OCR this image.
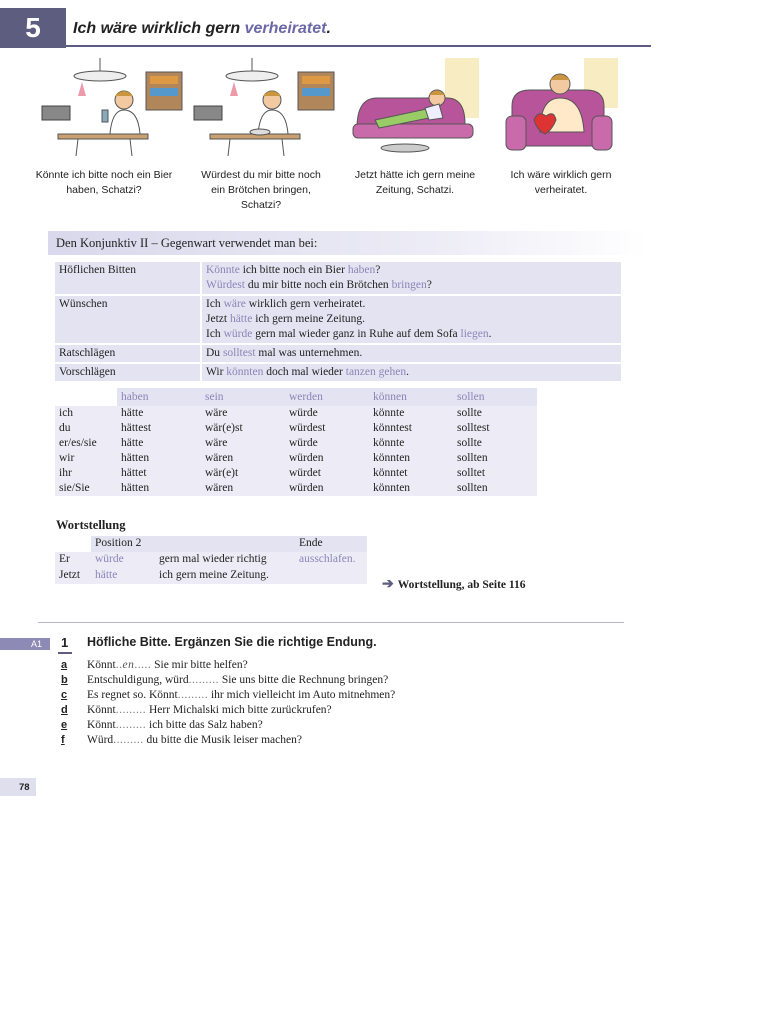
5 Ich wäre wirklich gern verheiratet.
Könnte ich bitte noch ein Bier haben, Schatzi?
Würdest du mir bitte noch ein Brötchen bringen, Schatzi?
Jetzt hätte ich gern meine Zeitung, Schatzi.
Ich wäre wirklich gern verheiratet.
Den Konjunktiv II – Gegenwart verwendet man bei:
Höflichen Bitten	Könnte ich bitte noch ein Bier haben?
Würdest du mir bitte noch ein Brötchen bringen?

Wünschen	Ich wäre wirklich gern verheiratet.
Jetzt hätte ich gern meine Zeitung.
Ich würde gern mal wieder ganz in Ruhe auf dem Sofa liegen.

Ratschlägen	Du solltest mal was unternehmen.

Vorschlägen	Wir könnten doch mal wieder tanzen gehen.
	haben	sein	werden	können	sollen
ich	hätte	wäre	würde	könnte	sollte
du	hättest	wär(e)st	würdest	könntest	solltest
er/es/sie	hätte	wäre	würde	könnte	sollte
wir	hätten	wären	würden	könnten	sollten
ihr	hättet	wär(e)t	würdet	könntet	solltet
sie/Sie	hätten	wären	würden	könnten	sollten
Wortstellung
	Position 2		Ende
Er	würde	gern mal wieder richtig	ausschlafen.
Jetzt	hätte	ich gern meine Zeitung.	
➔ Wortstellung, ab Seite 116
A1	1 Höfliche Bitte. Ergänzen Sie die richtige Endung.
a	Könnt..en..... Sie mir bitte helfen?
b	Entschuldigung, würd......... Sie uns bitte die Rechnung bringen?
c	Es regnet so. Könnt......... ihr mich vielleicht im Auto mitnehmen?
d	Könnt......... Herr Michalski mich bitte zurückrufen?
e	Könnt......... ich bitte das Salz haben?
f	Würd......... du bitte die Musik leiser machen?
78
